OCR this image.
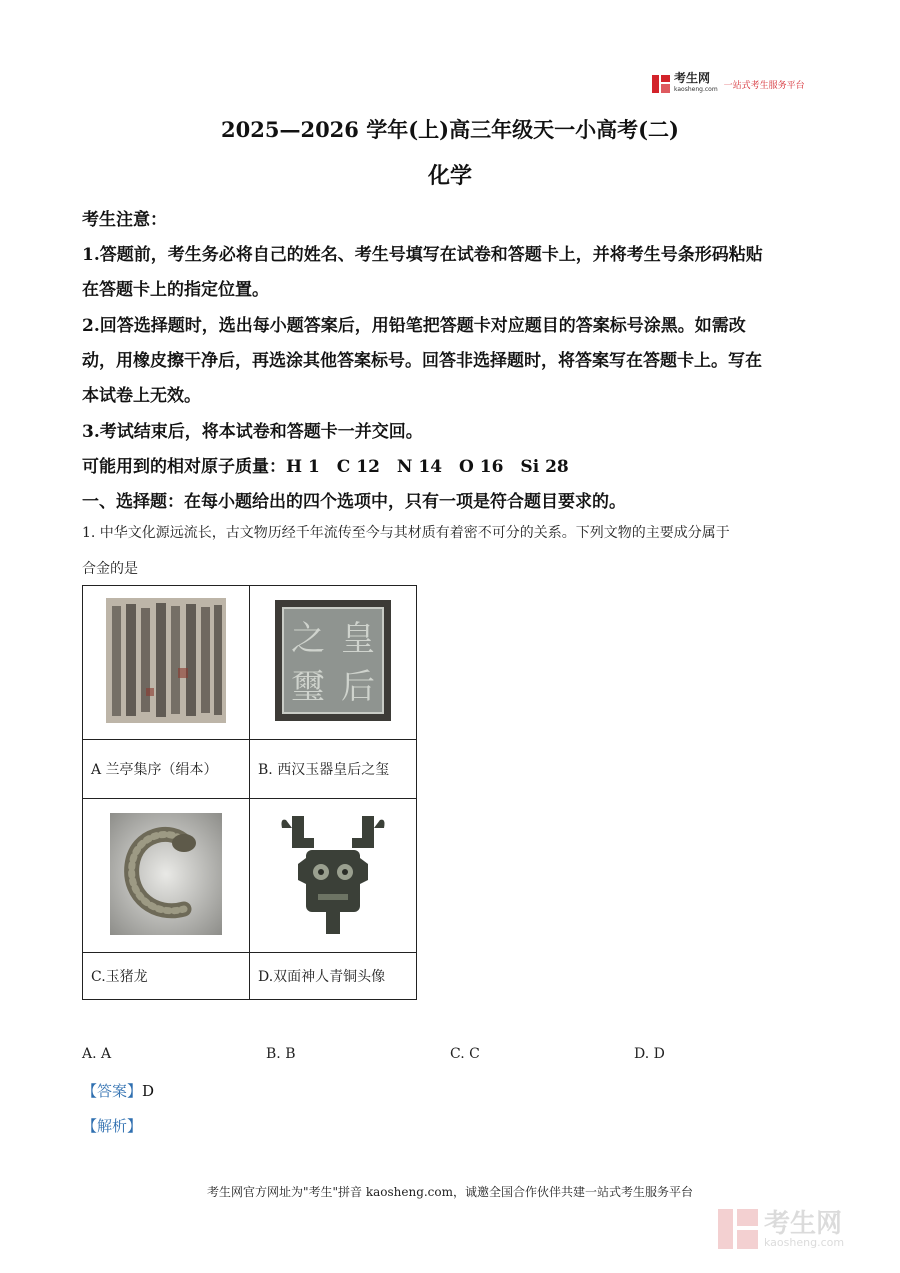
考生网
kaosheng.com 一站式考生服务平台
2025—2026 学年(上)高三年级天一小高考(二)
化学
考生注意：
1.答题前，考生务必将自己的姓名、考生号填写在试卷和答题卡上，并将考生号条形码粘贴
在答题卡上的指定位置。
2.回答选择题时，选出每小题答案后，用铅笔把答题卡对应题目的答案标号涂黑。如需改
动，用橡皮擦干净后，再选涂其他答案标号。回答非选择题时，将答案写在答题卡上。写在
本试卷上无效。
3.考试结束后，将本试卷和答题卡一并交回。
可能用到的相对原子质量：H 1　C 12　N 14　O 16　Si 28
一、选择题：在每小题给出的四个选项中，只有一项是符合题目要求的。
1. 中华文化源远流长，古文物历经千年流传至今与其材质有着密不可分的关系。下列文物的主要成分属于
合金的是

皇
后
之
璽

A 兰亭集序（绢本）	B. 西汉玉器皇后之玺

C.玉猪龙	D.双面神人青铜头像
A. A	B. B	C. C	D. D
【答案】D
【解析】
考生网官方网址为"考生"拼音 kaosheng.com，诚邀全国合作伙伴共建一站式考生服务平台
考生网
kaosheng.com
